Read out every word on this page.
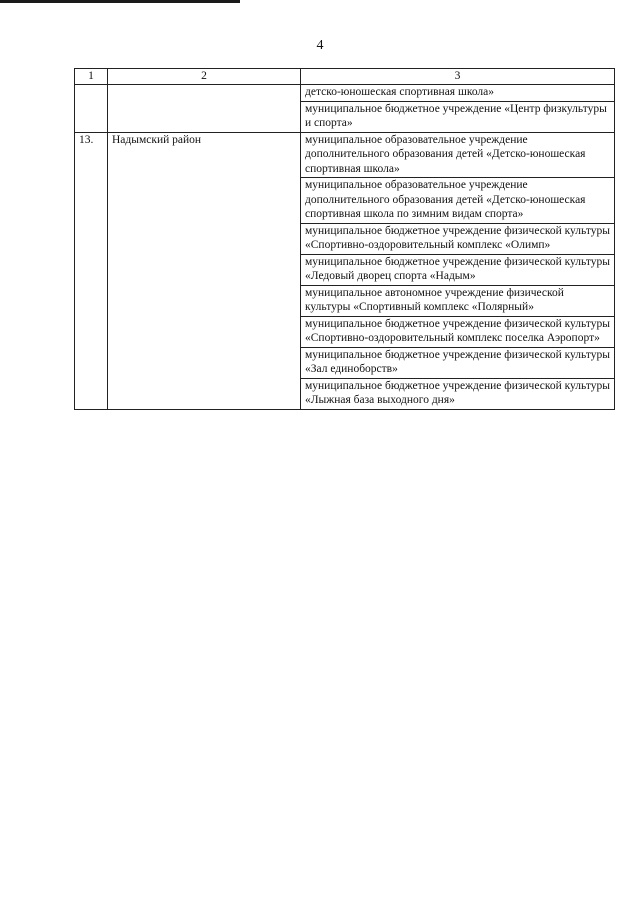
4
1	2	3
		детско-юношеская спортивная школа»
		муниципальное бюджетное учреждение «Центр физкультуры и спорта»
13.	Надымский район	муниципальное образовательное учреждение дополнительного образования детей «Детско-юношеская спортивная школа»
		муниципальное образовательное учреждение дополнительного образования детей «Детско-юношеская спортивная школа по зимним видам спорта»
		муниципальное бюджетное учреждение физической культуры «Спортивно-оздоровительный комплекс «Олимп»
		муниципальное бюджетное учреждение физической культуры «Ледовый дворец спорта «Надым»
		муниципальное автономное учреждение физической культуры «Спортивный комплекс «Полярный»
		муниципальное бюджетное учреждение физической культуры «Спортивно-оздоровительный комплекс поселка Аэропорт»
		муниципальное бюджетное учреждение физической культуры «Зал единоборств»
		муниципальное бюджетное учреждение физической культуры «Лыжная база выходного дня»
